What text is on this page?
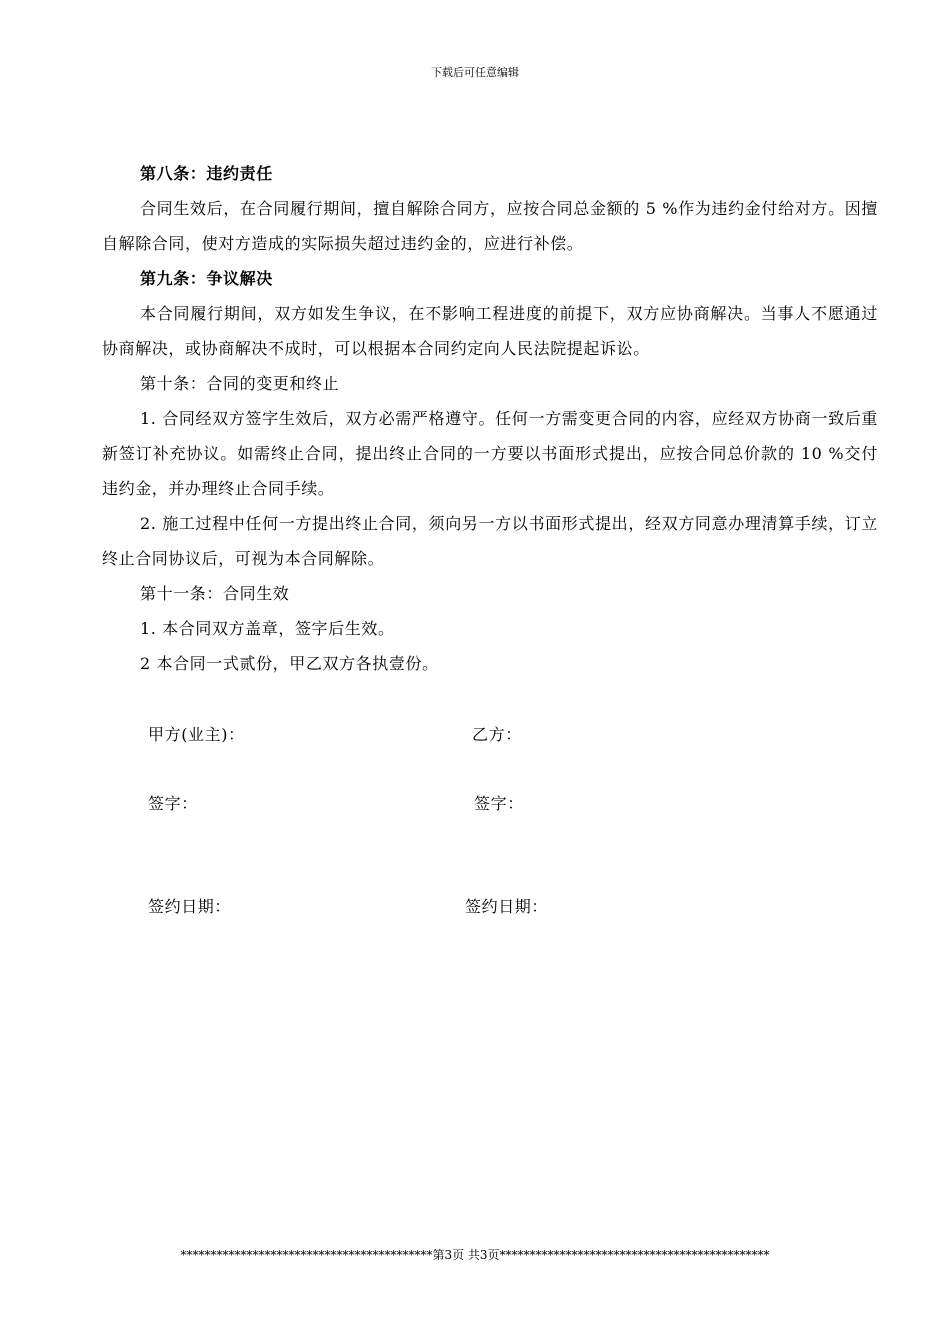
下载后可任意编辑

第八条：违约责任

合同生效后，在合同履行期间，擅自解除合同方，应按合同总金额的 5 %作为违约金付给对方。因擅自解除合同，使对方造成的实际损失超过违约金的，应进行补偿。

第九条：争议解决

本合同履行期间，双方如发生争议，在不影响工程进度的前提下，双方应协商解决。当事人不愿通过协商解决，或协商解决不成时，可以根据本合同约定向人民法院提起诉讼。

第十条：合同的变更和终止

1. 合同经双方签字生效后，双方必需严格遵守。任何一方需变更合同的内容，应经双方协商一致后重新签订补充协议。如需终止合同，提出终止合同的一方要以书面形式提出，应按合同总价款的 10 %交付违约金，并办理终止合同手续。

2. 施工过程中任何一方提出终止合同，须向另一方以书面形式提出，经双方同意办理清算手续，订立终止合同协议后，可视为本合同解除。

第十一条：合同生效

1. 本合同双方盖章，签字后生效。

2 本合同一式贰份，甲乙双方各执壹份。

甲方(业主)：	乙方：
签字：	签字：
签约日期：	签约日期：
******************************************第3页 共3页*********************************************
